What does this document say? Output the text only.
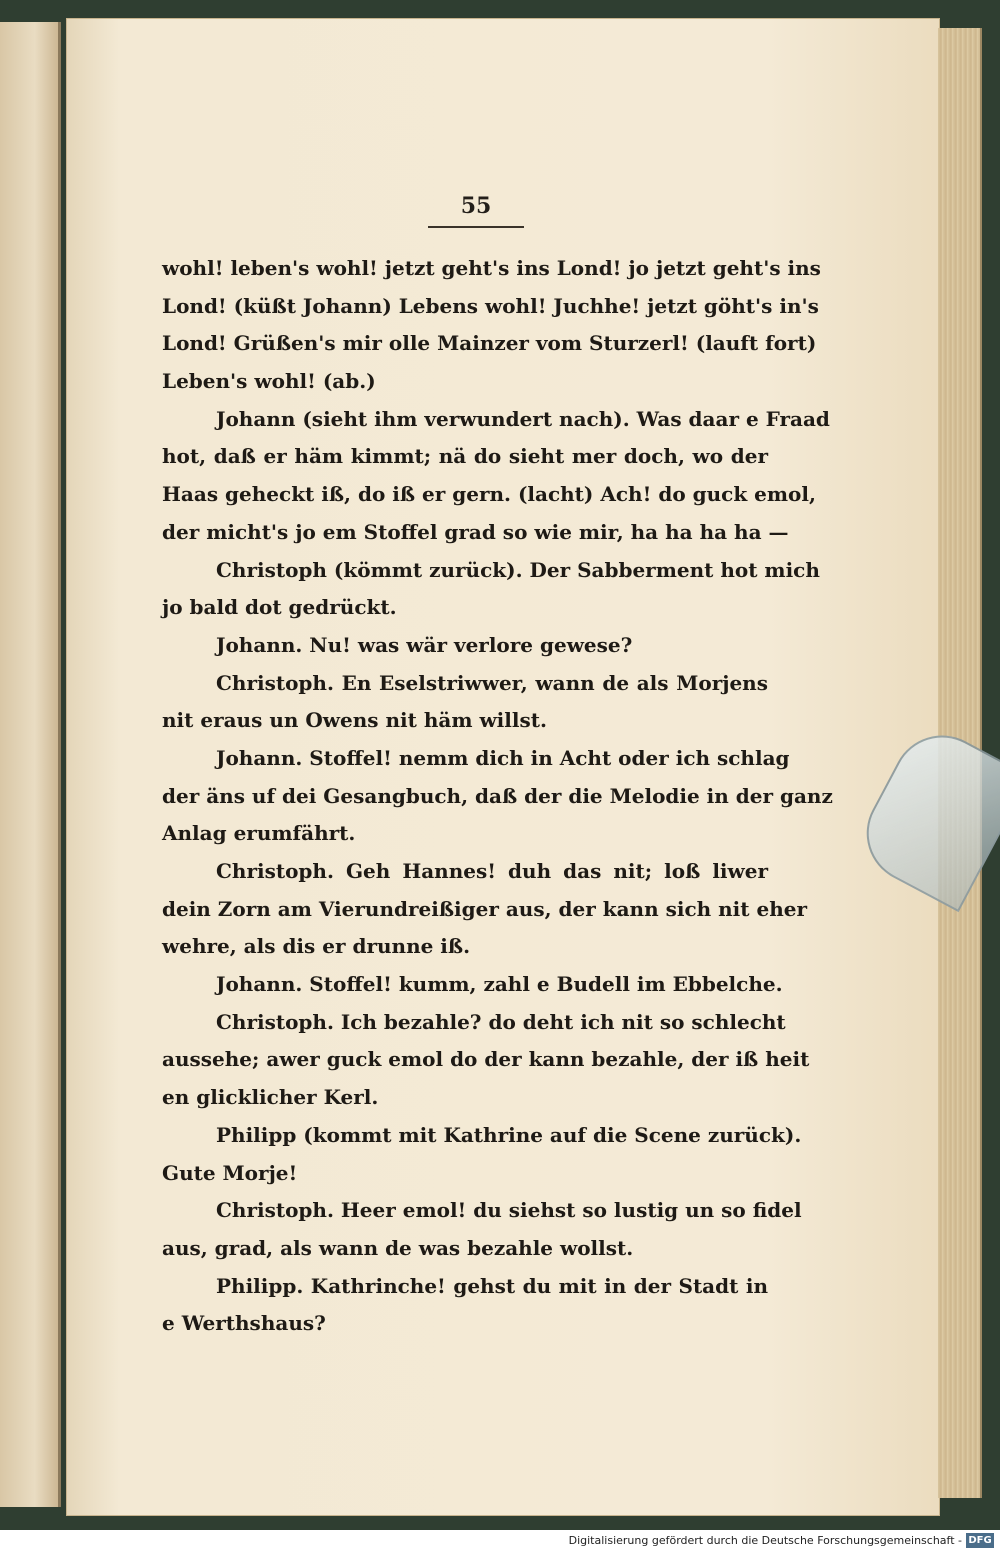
55
wohl! leben's wohl! jetzt geht's ins Lond! jo jetzt geht's ins
Lond! (küßt Johann) Lebens wohl! Juchhe! jetzt göht's in's
Lond! Grüßen's mir olle Mainzer vom Sturzerl! (lauft fort)
Leben's wohl! (ab.)
Johann (sieht ihm verwundert nach). Was daar e Fraad
hot, daß er häm kimmt; nä do sieht mer doch, wo der
Haas geheckt iß, do iß er gern. (lacht) Ach! do guck emol,
der micht's jo em Stoffel grad so wie mir, ha ha ha ha —
Christoph (kömmt zurück). Der Sabberment hot mich
jo bald dot gedrückt.
Johann. Nu! was wär verlore gewese?
Christoph. En Eselstriwwer, wann de als Morjens
nit eraus un Owens nit häm willst.
Johann. Stoffel! nemm dich in Acht oder ich schlag
der äns uf dei Gesangbuch, daß der die Melodie in der ganz
Anlag erumfährt.
Christoph. Geh Hannes! duh das nit; loß liwer
dein Zorn am Vierundreißiger aus, der kann sich nit eher
wehre, als dis er drunne iß.
Johann. Stoffel! kumm, zahl e Budell im Ebbelche.
Christoph. Ich bezahle? do deht ich nit so schlecht
aussehe; awer guck emol do der kann bezahle, der iß heit
en glicklicher Kerl.
Philipp (kommt mit Kathrine auf die Scene zurück).
Gute Morje!
Christoph. Heer emol! du siehst so lustig un so fidel
aus, grad, als wann de was bezahle wollst.
Philipp. Kathrinche! gehst du mit in der Stadt in
e Werthshaus?
Digitalisierung gefördert durch die Deutsche Forschungsgemeinschaft - DFG
